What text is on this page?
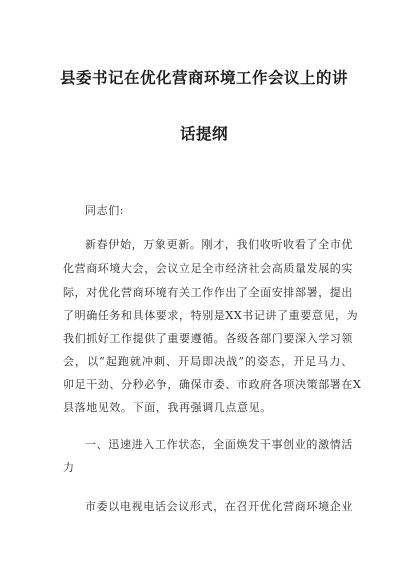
县委书记在优化营商环境工作会议上的讲
话提纲
同志们:
新春伊始，万象更新。刚才，我们收听收看了全市优
化营商环境大会，会议立足全市经济社会高质量发展的实
际，对优化营商环境有关工作作出了全面安排部署，提出
了明确任务和具体要求，特别是XX书记讲了重要意见，为
我们抓好工作提供了重要遵循。各级各部门要深入学习领
会，以“起跑就冲刺、开局即决战”的姿态，开足马力、
卯足干劲、分秒必争，确保市委、市政府各项决策部署在X
县落地见效。下面，我再强调几点意见。
一、迅速进入工作状态，全面焕发干事创业的激情活
力
市委以电视电话会议形式，在召开优化营商环境企业
